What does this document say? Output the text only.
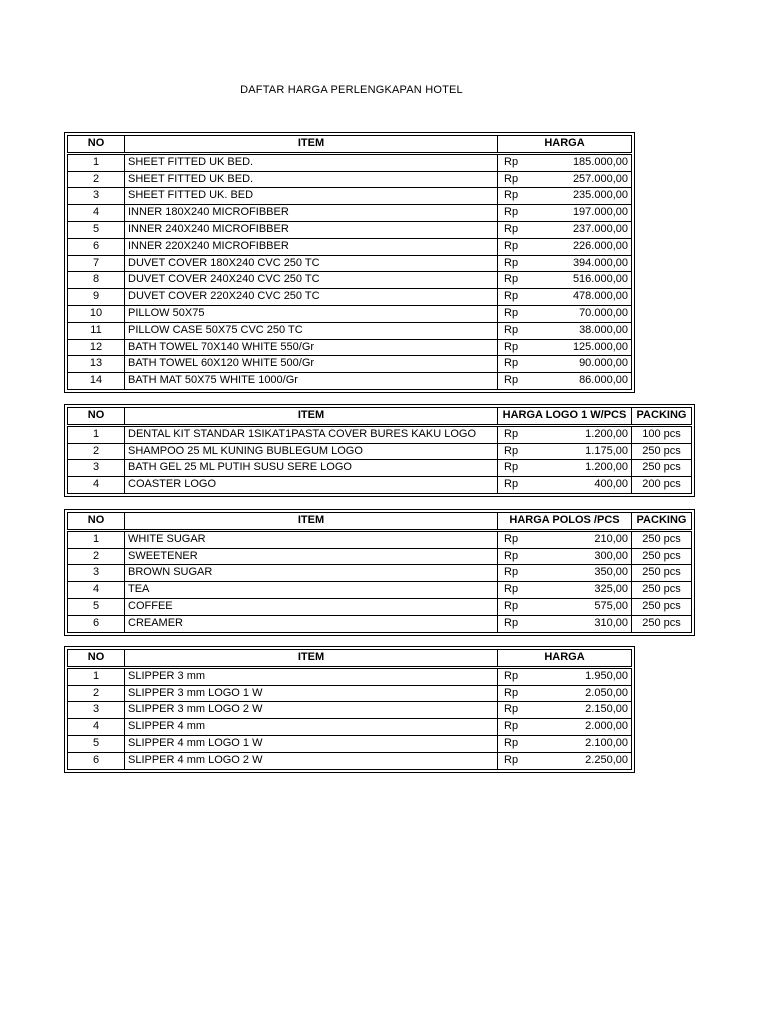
DAFTAR HARGA PERLENGKAPAN HOTEL
NO	ITEM	HARGA
1	SHEET FITTED UK BED.	Rp 185.000,00

2	SHEET FITTED UK BED.	Rp 257.000,00

3	SHEET FITTED UK. BED	Rp 235.000,00

4	INNER 180X240 MICROFIBBER	Rp 197.000,00

5	INNER 240X240 MICROFIBBER	Rp 237.000,00

6	INNER 220X240 MICROFIBBER	Rp 226.000,00

7	DUVET COVER 180X240 CVC 250 TC	Rp 394.000,00

8	DUVET COVER 240X240 CVC 250 TC	Rp 516.000,00

9	DUVET COVER 220X240 CVC 250 TC	Rp 478.000,00

10	PILLOW 50X75	Rp 70.000,00

11	PILLOW CASE 50X75 CVC 250 TC	Rp 38.000,00

12	BATH TOWEL 70X140 WHITE 550/Gr	Rp 125.000,00

13	BATH TOWEL 60X120 WHITE 500/Gr	Rp 90.000,00

14	BATH MAT 50X75 WHITE 1000/Gr	Rp 86.000,00
NO	ITEM	HARGA LOGO 1 W/PCS	PACKING
1	DENTAL KIT STANDAR 1SIKAT1PASTA COVER BURES KAKU LOGO	Rp 1.200,00	100 pcs
2	SHAMPOO 25 ML KUNING BUBLEGUM LOGO	Rp 1.175,00	250 pcs
3	BATH GEL 25 ML PUTIH SUSU SERE LOGO	Rp 1.200,00	250 pcs
4	COASTER LOGO	Rp 400,00	200 pcs
NO	ITEM	HARGA POLOS /PCS	PACKING
1	WHITE SUGAR	Rp 210,00	250 pcs
2	SWEETENER	Rp 300,00	250 pcs
3	BROWN SUGAR	Rp 350,00	250 pcs
4	TEA	Rp 325,00	250 pcs
5	COFFEE	Rp 575,00	250 pcs
6	CREAMER	Rp 310,00	250 pcs
NO	ITEM	HARGA
1	SLIPPER 3 mm	Rp 1.950,00

2	SLIPPER 3 mm LOGO 1 W	Rp 2.050,00

3	SLIPPER 3 mm LOGO 2 W	Rp 2.150,00

4	SLIPPER 4 mm	Rp 2.000,00

5	SLIPPER 4 mm LOGO 1 W	Rp 2.100,00

6	SLIPPER 4 mm LOGO 2 W	Rp 2.250,00
